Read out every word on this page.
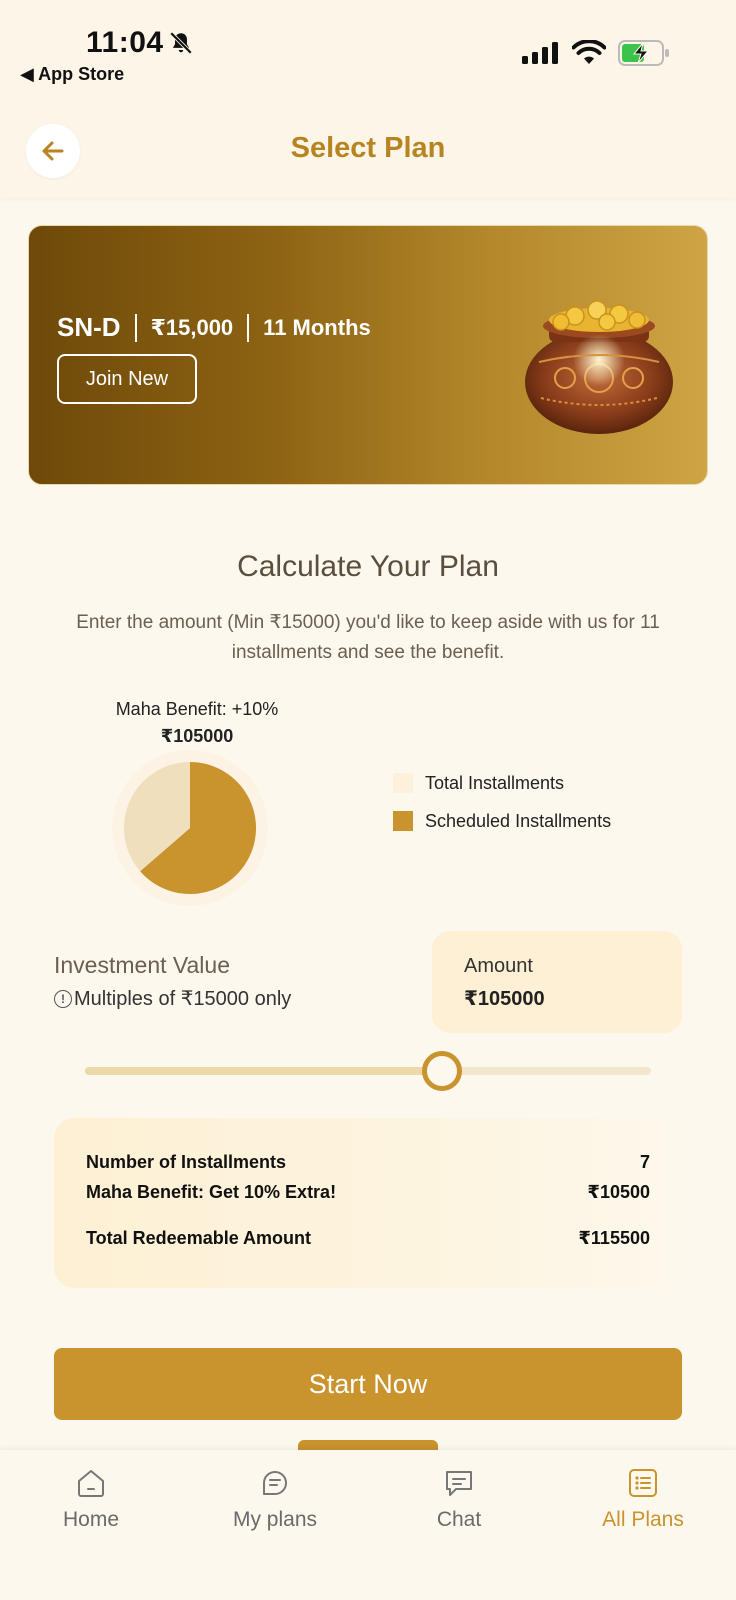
11:04
◀ App Store
Select Plan
SN-D ₹15,000 11 Months
Join New
Calculate Your Plan
Enter the amount (Min ₹15000) you'd like to keep aside with us for 11 installments and see the benefit.
Maha Benefit: +10%
₹105000
Total Installments
Scheduled Installments
Investment Value
! Multiples of ₹15000 only
Amount
₹105000
Number of Installments	7
Maha Benefit: Get 10% Extra!	₹10500
Total Redeemable Amount	₹115500
Start Now
Home	My plans	Chat	All Plans
